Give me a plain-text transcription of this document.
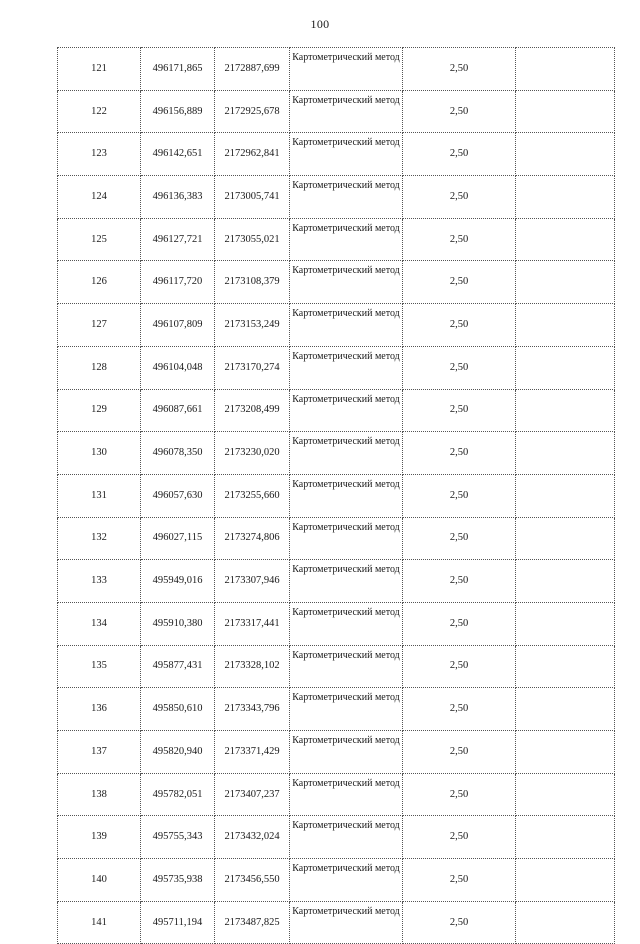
100
121	496171,865	2172887,699	Картометрический метод	2,50	
122	496156,889	2172925,678	Картометрический метод	2,50	
123	496142,651	2172962,841	Картометрический метод	2,50	
124	496136,383	2173005,741	Картометрический метод	2,50	
125	496127,721	2173055,021	Картометрический метод	2,50	
126	496117,720	2173108,379	Картометрический метод	2,50	
127	496107,809	2173153,249	Картометрический метод	2,50	
128	496104,048	2173170,274	Картометрический метод	2,50	
129	496087,661	2173208,499	Картометрический метод	2,50	
130	496078,350	2173230,020	Картометрический метод	2,50	
131	496057,630	2173255,660	Картометрический метод	2,50	
132	496027,115	2173274,806	Картометрический метод	2,50	
133	495949,016	2173307,946	Картометрический метод	2,50	
134	495910,380	2173317,441	Картометрический метод	2,50	
135	495877,431	2173328,102	Картометрический метод	2,50	
136	495850,610	2173343,796	Картометрический метод	2,50	
137	495820,940	2173371,429	Картометрический метод	2,50	
138	495782,051	2173407,237	Картометрический метод	2,50	
139	495755,343	2173432,024	Картометрический метод	2,50	
140	495735,938	2173456,550	Картометрический метод	2,50	
141	495711,194	2173487,825	Картометрический метод	2,50	
